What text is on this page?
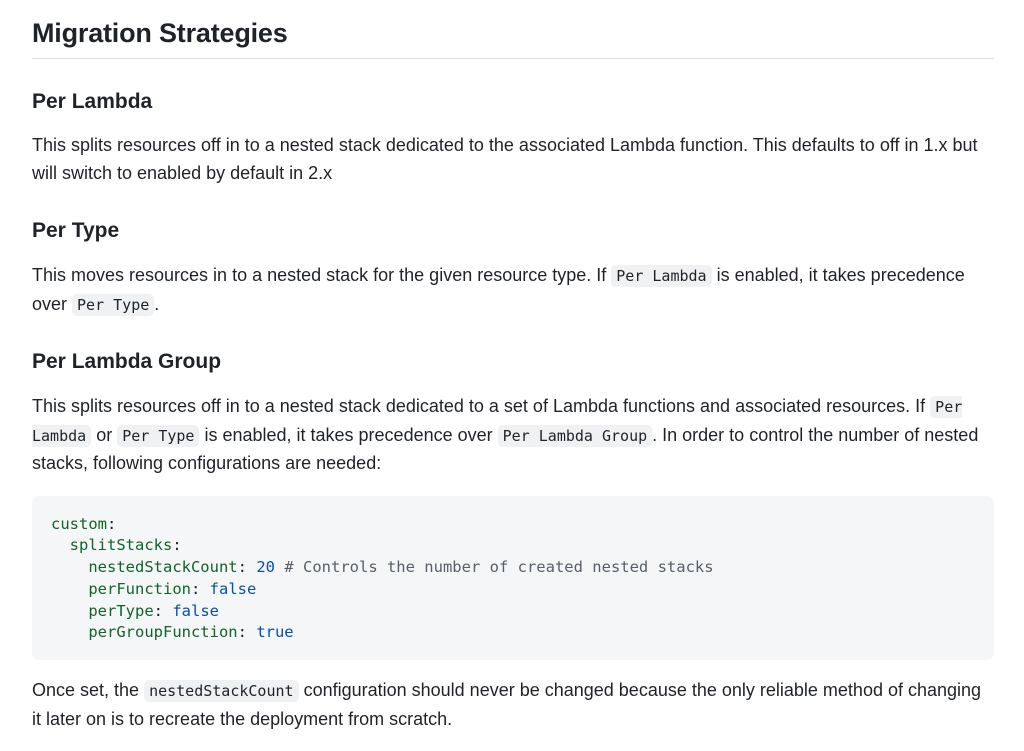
Migration Strategies
Per Lambda

This splits resources off in to a nested stack dedicated to the associated Lambda function. This defaults to off in 1.x but will switch to enabled by default in 2.x

Per Type

This moves resources in to a nested stack for the given resource type. If Per Lambda is enabled, it takes precedence over Per Type .

Per Lambda Group

This splits resources off in to a nested stack dedicated to a set of Lambda functions and associated resources. If Per Lambda or Per Type is enabled, it takes precedence over Per Lambda Group . In order to control the number of nested stacks, following configurations are needed:

custom:
splitStacks:
nestedStackCount: 20 # Controls the number of created nested stacks
perFunction: false
perType: false
perGroupFunction: true

Once set, the nestedStackCount configuration should never be changed because the only reliable method of changing it later on is to recreate the deployment from scratch.
